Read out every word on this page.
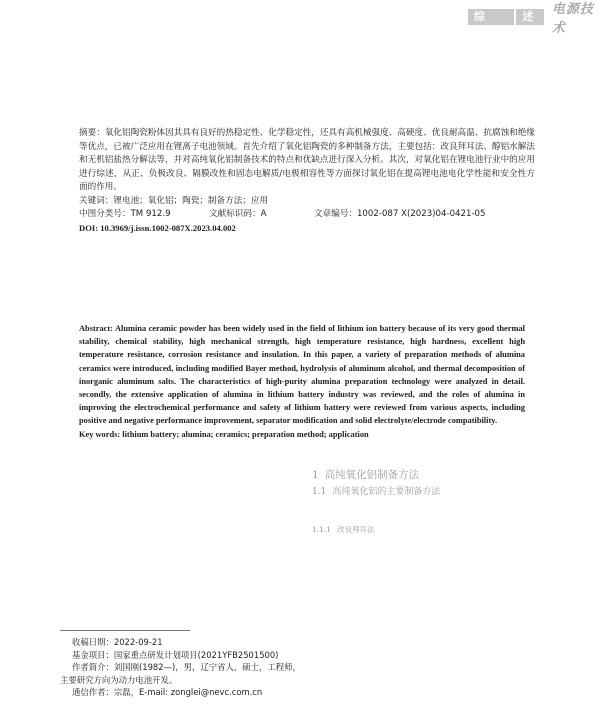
综	述	电源技术

摘要：氧化铝陶瓷粉体因其具有良好的热稳定性、化学稳定性，还具有高机械强度、高硬度、优良耐高温、抗腐蚀和绝缘等优点，已被广泛应用在锂离子电池领域。首先介绍了氧化铝陶瓷的多种制备方法，主要包括：改良拜耳法、醇铝水解法和无机铝盐热分解法等，并对高纯氧化铝制备技术的特点和优缺点进行深入分析。其次，对氧化铝在锂电池行业中的应用进行综述，从正、负极改良、隔膜改性和固态电解质/电极相容性等方面探讨氧化铝在提高锂电池电化学性能和安全性方面的作用。

关键词：锂电池；氧化铝；陶瓷；制备方法；应用

中图分类号：TM 912.9	文献标识码：A	文章编号：1002-087 X(2023)04-0421-05

DOI: 10.3969/j.issn.1002-087X.2023.04.002

Abstract: Alumina ceramic powder has been widely used in the field of lithium ion battery because of its very good thermal stability, chemical stability, high mechanical strength, high temperature resistance, high hardness, excellent high temperature resistance, corrosion resistance and insulation. In this paper, a variety of preparation methods of alumina ceramics were introduced, including modified Bayer method, hydrolysis of aluminum alcohol, and thermal decomposition of inorganic aluminum salts. The characteristics of high-purity alumina preparation technology were analyzed in detail. secondly, the extensive application of alumina in lithium battery industry was reviewed, and the roles of alumina in improving the electrochemical performance and safety of lithium battery were reviewed from various aspects, including positive and negative performance improvement, separator modification and solid electrolyte/electrode compatibility.

Key words: lithium battery; alumina; ceramics; preparation method; application

1 高纯氧化铝制备方法
1.1 高纯氧化铝的主要制备方法
1.1.1 改良拜耳法

收稿日期：2022-09-21

基金项目：国家重点研发计划项目(2021YFB2501500)

作者简介：刘国刚(1982—)，男，辽宁省人，硕士，工程师，

主要研究方向为动力电池开发。

通信作者：宗磊，E-mail: zonglei@nevc.com.cn
